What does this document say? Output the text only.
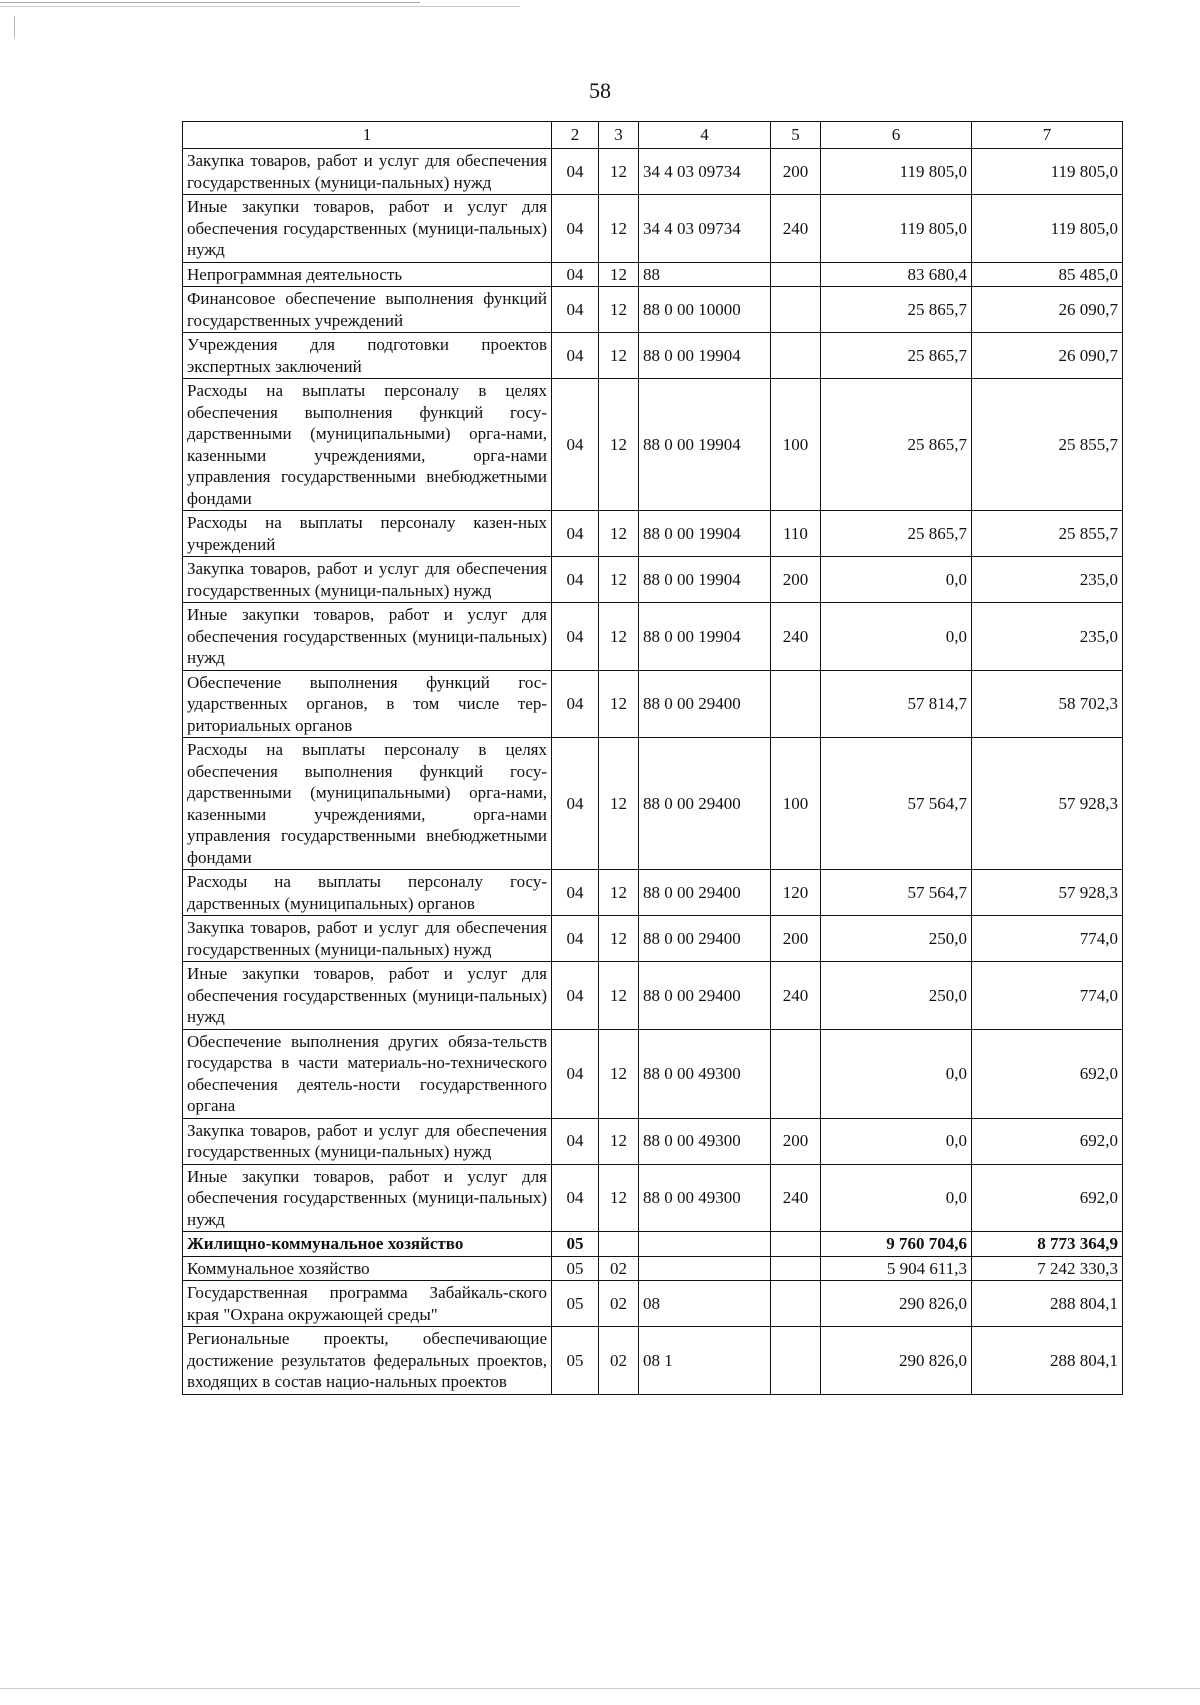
58
1	2	3	4	5	6	7
Закупка товаров, работ и услуг для обеспечения государственных (муници-пальных) нужд	04	12	34 4 03 09734	200	119 805,0	119 805,0
Иные закупки товаров, работ и услуг для обеспечения государственных (муници-пальных) нужд	04	12	34 4 03 09734	240	119 805,0	119 805,0
Непрограммная деятельность	04	12	88		83 680,4	85 485,0
Финансовое обеспечение выполнения функций государственных учреждений	04	12	88 0 00 10000		25 865,7	26 090,7
Учреждения для подготовки проектов экспертных заключений	04	12	88 0 00 19904		25 865,7	26 090,7
Расходы на выплаты персоналу в целях обеспечения выполнения функций госу-дарственными (муниципальными) орга-нами, казенными учреждениями, орга-нами управления государственными внебюджетными фондами	04	12	88 0 00 19904	100	25 865,7	25 855,7
Расходы на выплаты персоналу казен-ных учреждений	04	12	88 0 00 19904	110	25 865,7	25 855,7
Закупка товаров, работ и услуг для обеспечения государственных (муници-пальных) нужд	04	12	88 0 00 19904	200	0,0	235,0
Иные закупки товаров, работ и услуг для обеспечения государственных (муници-пальных) нужд	04	12	88 0 00 19904	240	0,0	235,0
Обеспечение выполнения функций гос-ударственных органов, в том числе тер-риториальных органов	04	12	88 0 00 29400		57 814,7	58 702,3
Расходы на выплаты персоналу в целях обеспечения выполнения функций госу-дарственными (муниципальными) орга-нами, казенными учреждениями, орга-нами управления государственными внебюджетными фондами	04	12	88 0 00 29400	100	57 564,7	57 928,3
Расходы на выплаты персоналу госу-дарственных (муниципальных) органов	04	12	88 0 00 29400	120	57 564,7	57 928,3
Закупка товаров, работ и услуг для обеспечения государственных (муници-пальных) нужд	04	12	88 0 00 29400	200	250,0	774,0
Иные закупки товаров, работ и услуг для обеспечения государственных (муници-пальных) нужд	04	12	88 0 00 29400	240	250,0	774,0
Обеспечение выполнения других обяза-тельств государства в части материаль-но-технического обеспечения деятель-ности государственного органа	04	12	88 0 00 49300		0,0	692,0
Закупка товаров, работ и услуг для обеспечения государственных (муници-пальных) нужд	04	12	88 0 00 49300	200	0,0	692,0
Иные закупки товаров, работ и услуг для обеспечения государственных (муници-пальных) нужд	04	12	88 0 00 49300	240	0,0	692,0
Жилищно-коммунальное хозяйство	05				9 760 704,6	8 773 364,9
Коммунальное хозяйство	05	02			5 904 611,3	7 242 330,3
Государственная программа Забайкаль-ского края "Охрана окружающей среды"	05	02	08		290 826,0	288 804,1
Региональные проекты, обеспечивающие достижение результатов федеральных проектов, входящих в состав нацио-нальных проектов	05	02	08 1		290 826,0	288 804,1
